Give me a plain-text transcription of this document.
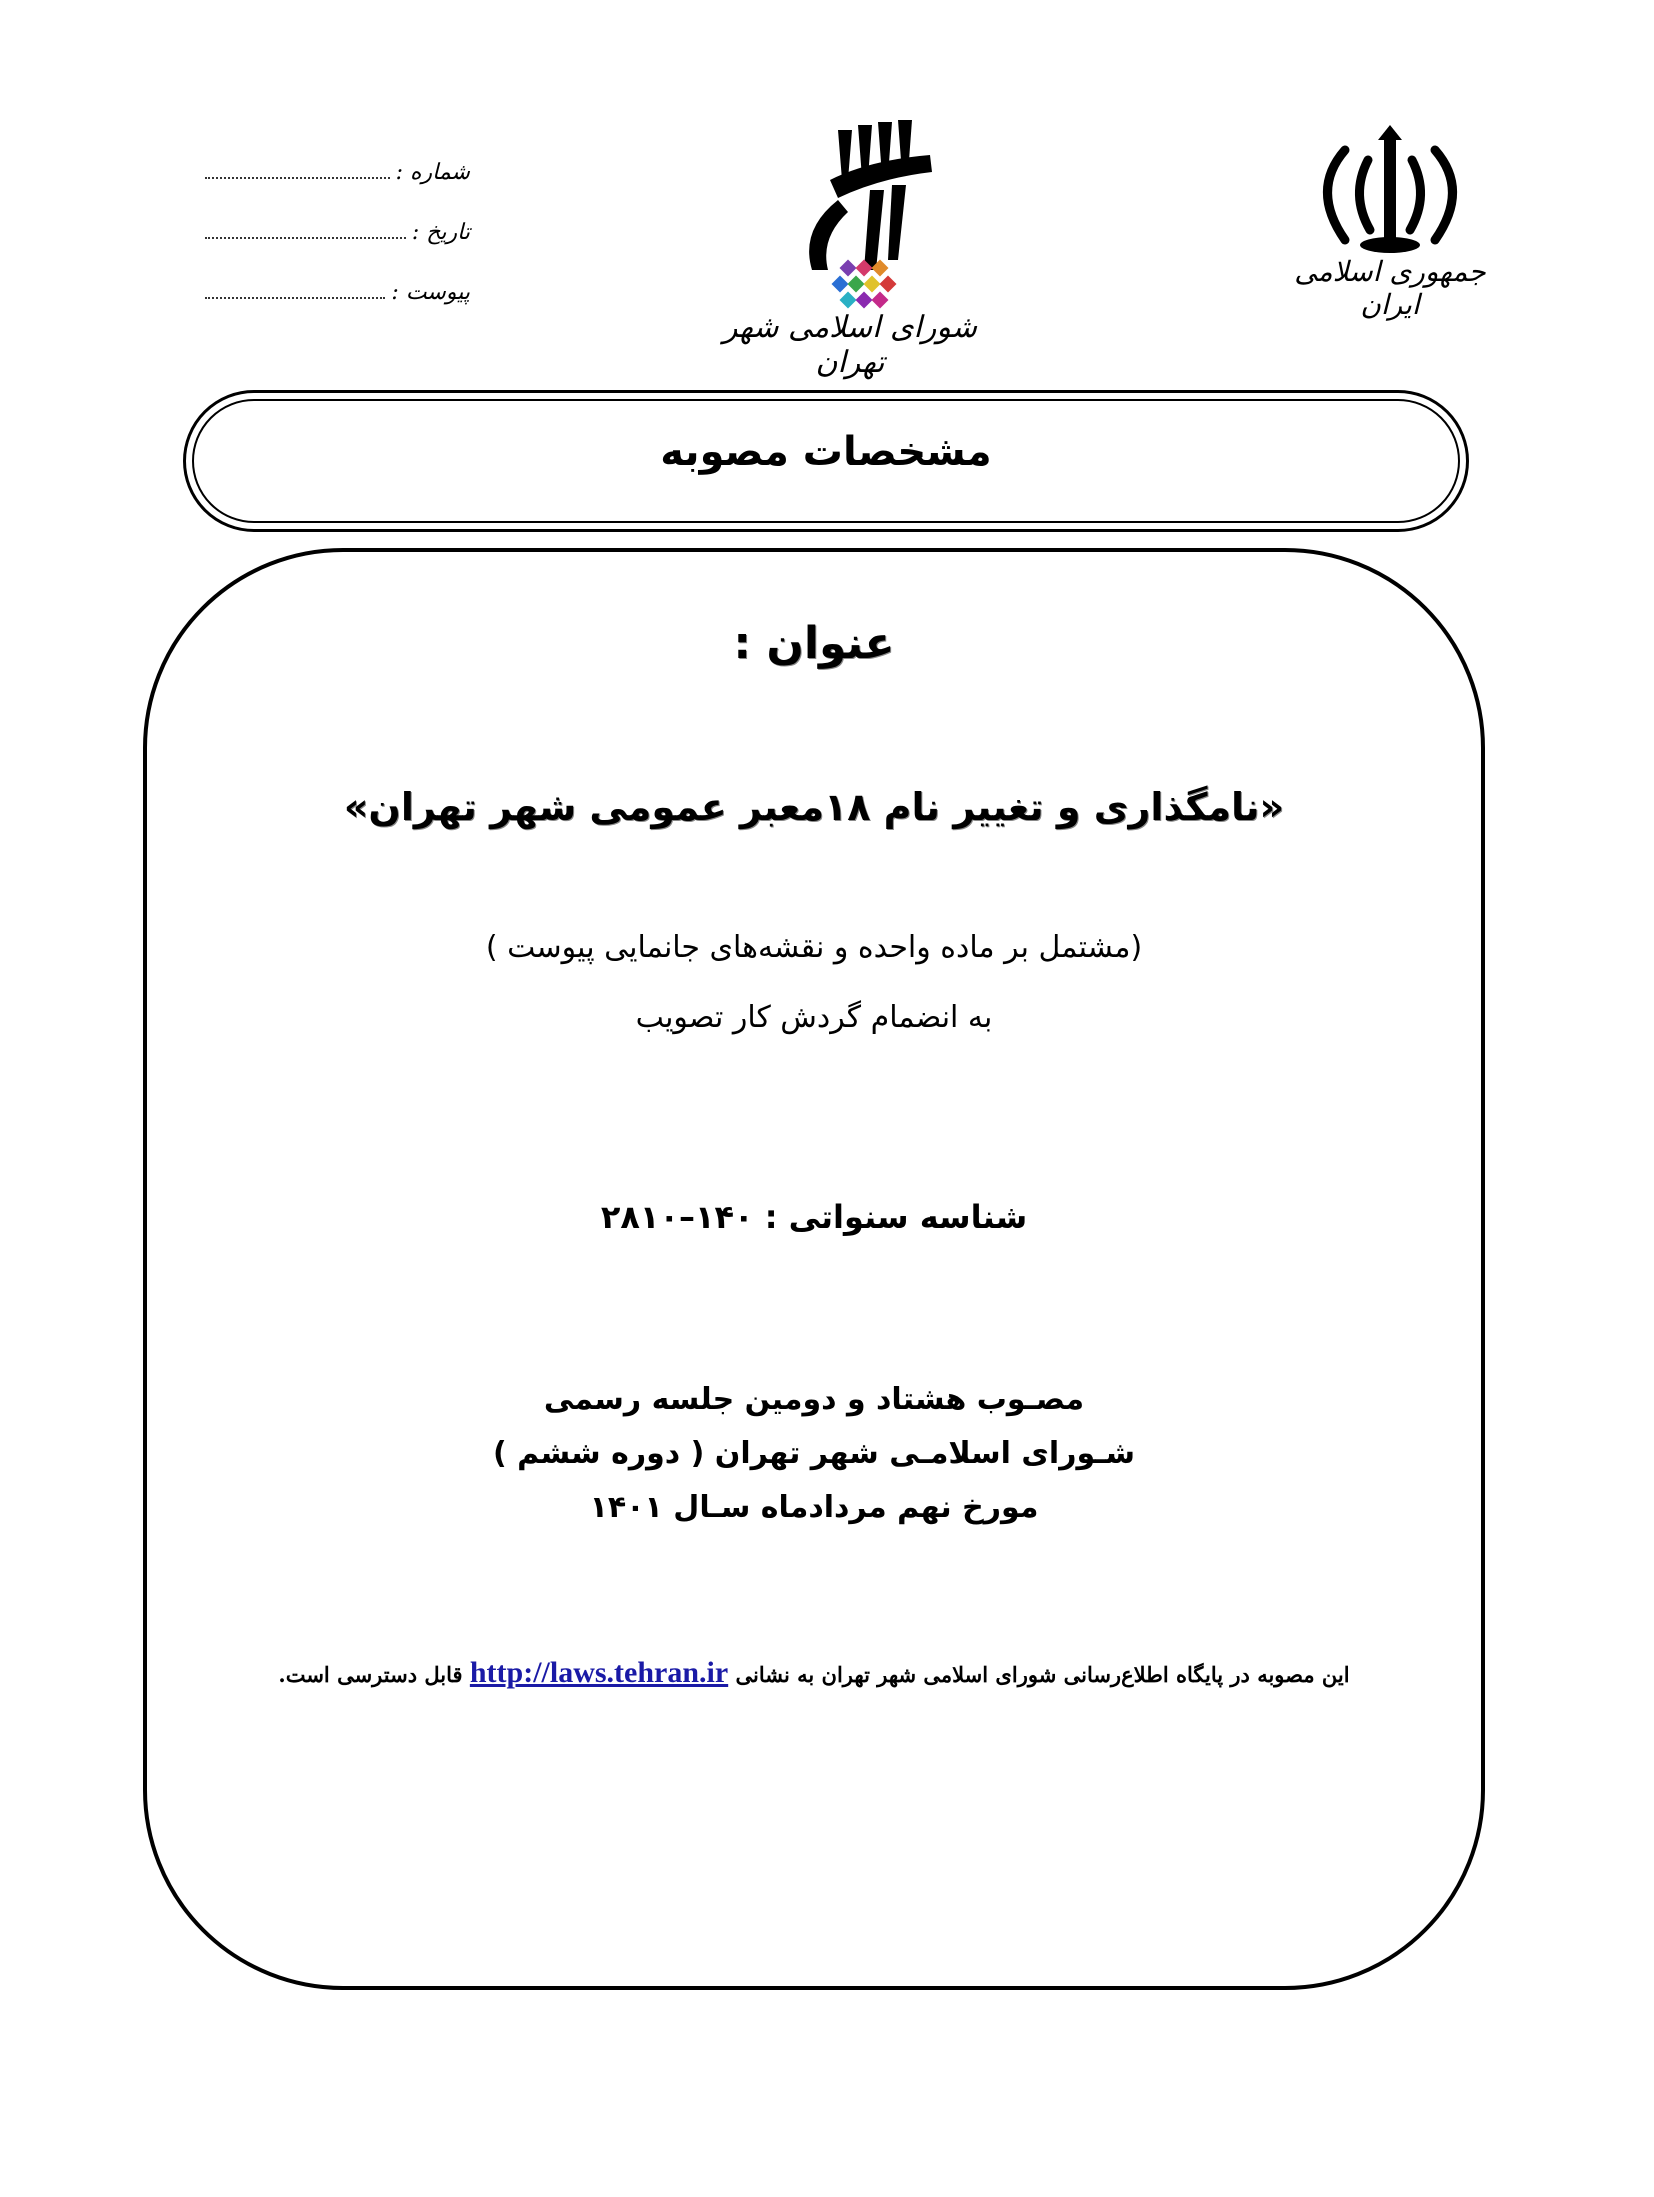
شماره :
تاریخ :
پیوست :
شورای اسلامی شهر تهران
جمهوری اسلامی ایران
مشخصات مصوبه
عنوان :
«نامگذاری و تغییر نام ۱۸معبر عمومی شهر تهران»
(مشتمل بر ماده واحده و نقشه‌های جانمایی پیوست )
به انضمام گردش کار تصویب
شناسه سنواتی : ۱۴۰–۲۸۱۰
مصـوب هشتاد و دومین جلسه رسمی
شـورای اسلامـی شهر تهران ( دوره ششم )
مورخ نهم مردادماه سـال ۱۴۰۱
این مصوبه در پایگاه اطلاع‌رسانی شورای اسلامی شهر تهران به نشانی http://laws.tehran.ir قابل دسترسی است.
